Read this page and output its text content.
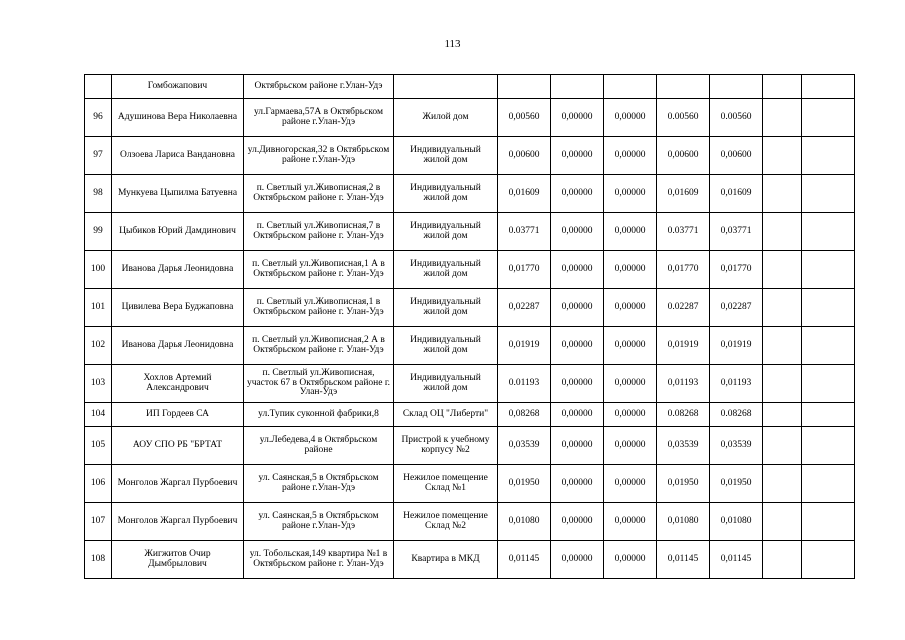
113
	Гомбожапович	Октябрьском районе г.Улан-Удэ								
96	Адушинова Вера Николаевна	ул.Гармаева,57А в Октябрьском районе г.Улан-Удэ	Жилой дом	0,00560	0,00000	0,00000	0.00560	0.00560		
97	Олзоева Лариса Вандановна	ул.Дивногорская,32 в Октябрьском районе г.Улан-Удэ	Индивидуальный жилой дом	0,00600	0,00000	0,00000	0,00600	0,00600		
98	Мункуева Цыпилма Батуевна	п. Светлый ул.Живописная,2 в Октябрьском районе г. Улан-Удэ	Индивидуальный жилой дом	0,01609	0,00000	0,00000	0,01609	0,01609		
99	Цыбиков Юрий Дамдинович	п. Светлый ул.Живописная,7 в Октябрьском районе г. Улан-Удэ	Индивидуальный жилой дом	0.03771	0,00000	0,00000	0.03771	0,03771		
100	Иванова Дарья Леонидовна	п. Светлый ул.Живописная,1 А в Октябрьском районе г. Улан-Удэ	Индивидуальный жилой дом	0,01770	0,00000	0,00000	0,01770	0,01770		
101	Цивилева Вера Буджаповна	п. Светлый ул.Живописная,1 в Октябрьском районе г. Улан-Удэ	Индивидуальный жилой дом	0,02287	0,00000	0,00000	0.02287	0,02287		
102	Иванова Дарья Леонидовна	п. Светлый ул.Живописная,2 А в Октябрьском районе г. Улан-Удэ	Индивидуальный жилой дом	0,01919	0,00000	0,00000	0,01919	0,01919		
103	Хохлов Артемий Александрович	п. Светлый ул.Живописная, участок 67 в Октябрьском районе г. Улан-Удэ	Индивидуальный жилой дом	0.01193	0,00000	0,00000	0,01193	0,01193		
104	ИП Гордеев СА	ул.Тупик суконной фабрики,8	Склад ОЦ "Либерти"	0,08268	0,00000	0,00000	0.08268	0.08268		
105	АОУ СПО РБ "БРТАТ	ул.Лебедева,4 в Октябрьском районе	Пристрой к учебному корпусу №2	0,03539	0,00000	0,00000	0,03539	0,03539		
106	Монголов Жаргал Пурбоевич	ул. Саянская,5 в Октябрьском районе г.Улан-Удэ	Нежилое помещение Склад №1	0,01950	0,00000	0,00000	0,01950	0,01950		
107	Монголов Жаргал Пурбоевич	ул. Саянская,5 в Октябрьском районе г.Улан-Удэ	Нежилое помещение Склад №2	0,01080	0,00000	0,00000	0,01080	0,01080		
108	Жигжитов Очир Дымбрылович	ул. Тобольская,149 квартира №1 в Октябрьском районе г. Улан-Удэ	Квартира в МКД	0,01145	0,00000	0,00000	0,01145	0,01145		
